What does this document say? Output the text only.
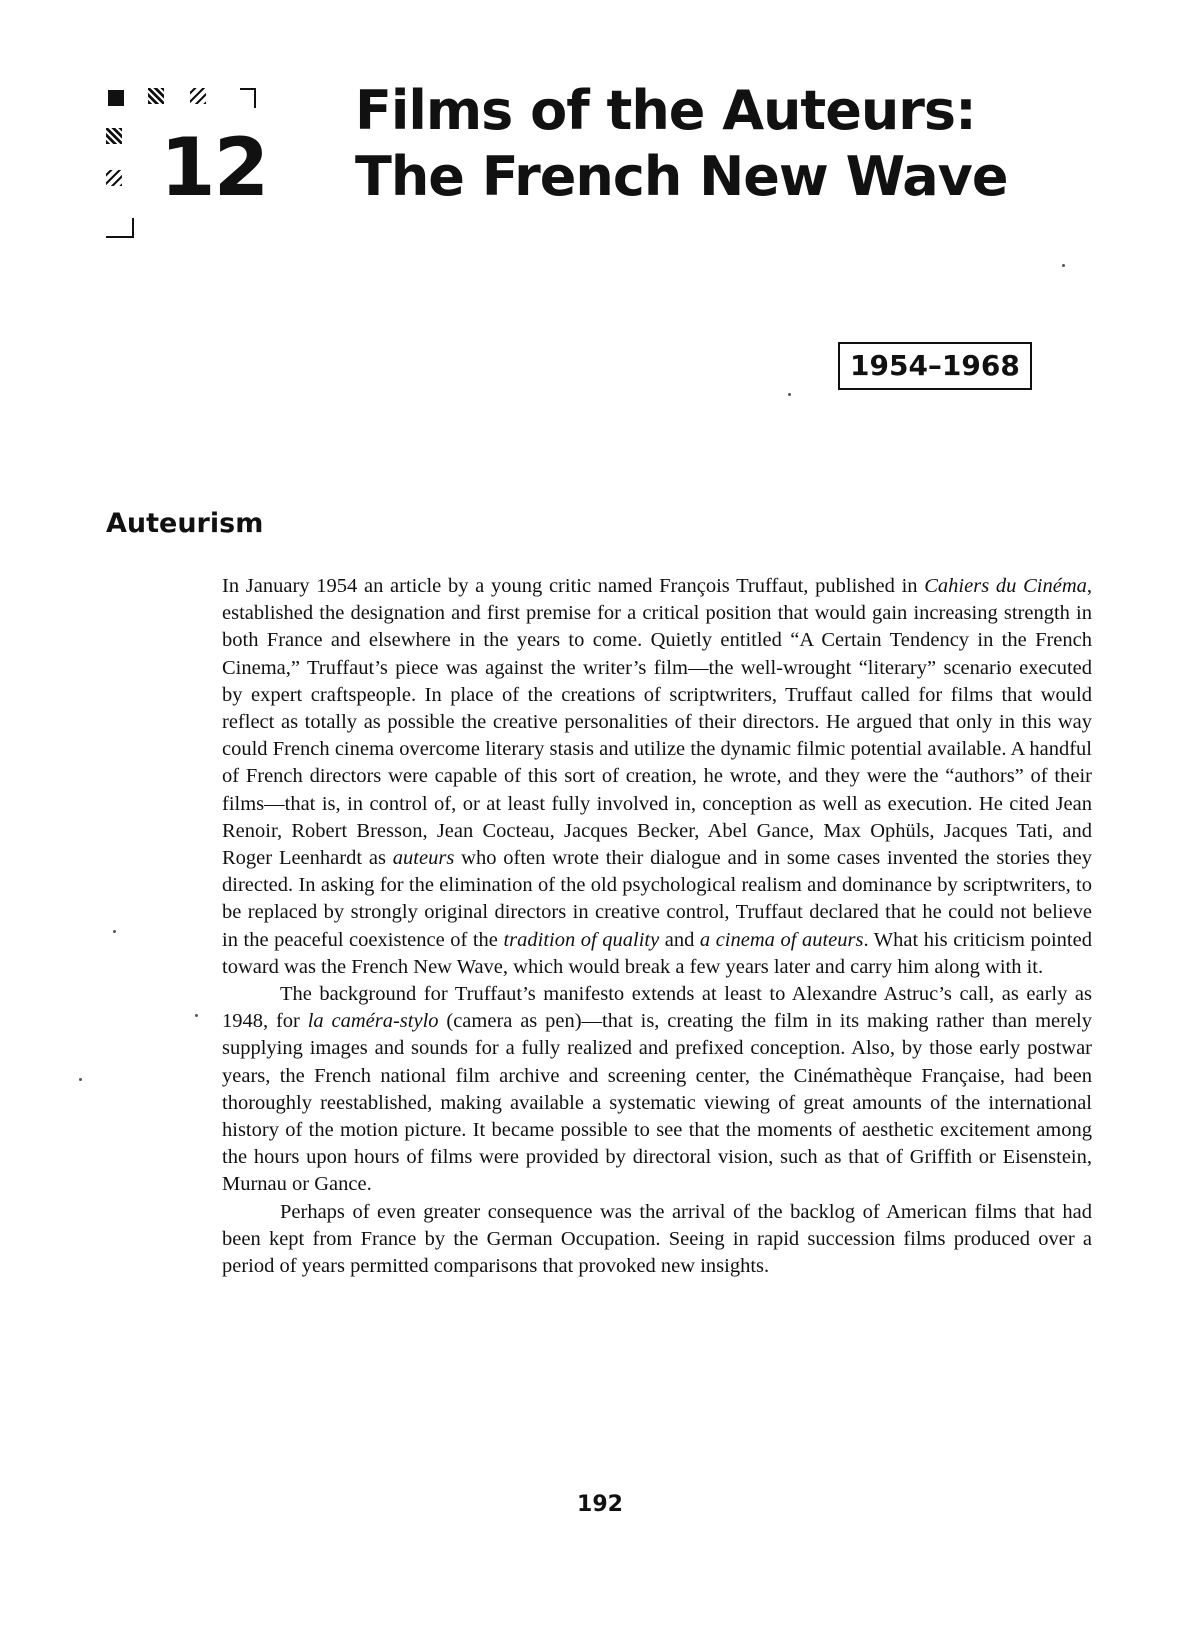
12
Films of the Auteurs:
The French New Wave
1954–1968
Auteurism

In January 1954 an article by a young critic named François Truffaut, published in Cahiers du Cinéma, established the designation and first premise for a critical position that would gain increasing strength in both France and elsewhere in the years to come. Quietly entitled “A Certain Tendency in the French Cinema,” Truffaut’s piece was against the writer’s film—the well-wrought “literary” scenario executed by expert craftspeople. In place of the creations of scriptwriters, Truffaut called for films that would reflect as totally as possible the creative personalities of their directors. He argued that only in this way could French cinema overcome literary stasis and utilize the dynamic filmic potential available. A handful of French directors were capable of this sort of creation, he wrote, and they were the “authors” of their films—that is, in control of, or at least fully involved in, conception as well as execution. He cited Jean Renoir, Robert Bresson, Jean Cocteau, Jacques Becker, Abel Gance, Max Ophüls, Jacques Tati, and Roger Leenhardt as auteurs who often wrote their dialogue and in some cases invented the stories they directed. In asking for the elimination of the old psychological realism and dominance by scriptwriters, to be replaced by strongly original directors in creative control, Truffaut declared that he could not believe in the peaceful coexistence of the tradition of quality and a cinema of auteurs. What his criticism pointed toward was the French New Wave, which would break a few years later and carry him along with it.

The background for Truffaut’s manifesto extends at least to Alexandre Astruc’s call, as early as 1948, for la caméra-stylo (camera as pen)—that is, creating the film in its making rather than merely supplying images and sounds for a fully realized and prefixed conception. Also, by those early postwar years, the French national film archive and screening center, the Cinémathèque Française, had been thoroughly reestablished, making available a systematic viewing of great amounts of the international history of the motion picture. It became possible to see that the moments of aesthetic excitement among the hours upon hours of films were provided by directoral vision, such as that of Griffith or Eisenstein, Murnau or Gance.

Perhaps of even greater consequence was the arrival of the backlog of American films that had been kept from France by the German Occupation. Seeing in rapid succession films produced over a period of years permitted comparisons that provoked new insights.

192
